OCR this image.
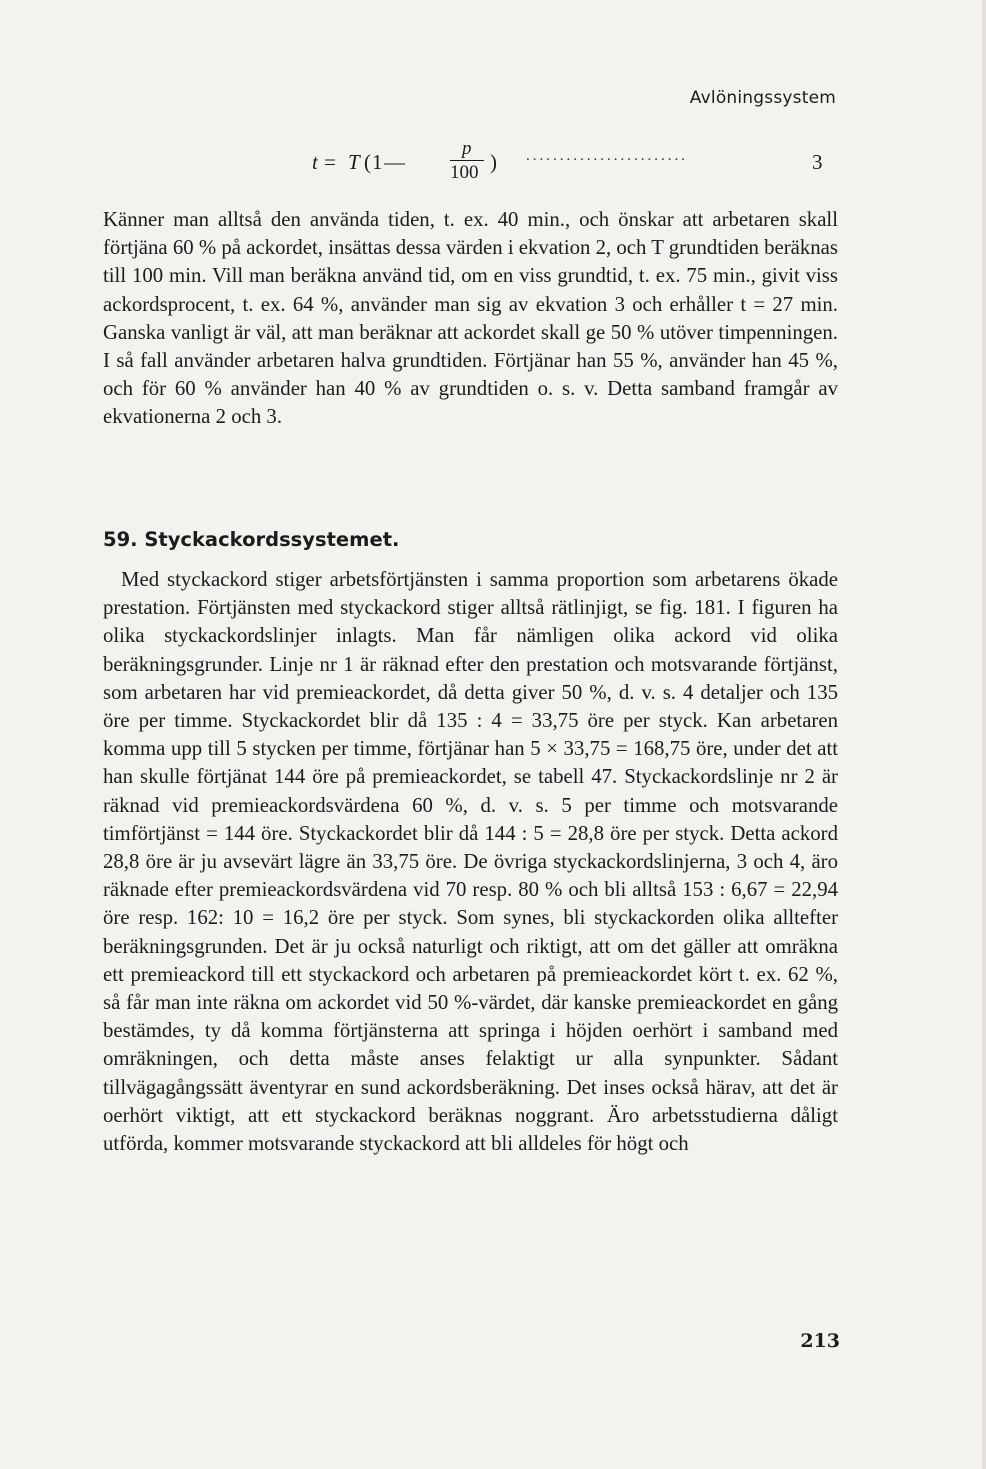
Avlöningssystem
t = T ( 1 —
p
100 ) ........................	3

Känner man alltså den använda tiden, t. ex. 40 min., och önskar att arbetaren skall förtjäna 60 % på ackordet, insättas dessa värden i ekvation 2, och T grundtiden beräknas till 100 min. Vill man beräkna använd tid, om en viss grundtid, t. ex. 75 min., givit viss ackordsprocent, t. ex. 64 %, använder man sig av ekvation 3 och erhåller t = 27 min. Ganska vanligt är väl, att man beräknar att ackordet skall ge 50 % utöver timpenningen. I så fall använder arbetaren halva grundtiden. Förtjänar han 55 %, använder han 45 %, och för 60 % använder han 40 % av grundtiden o. s. v. Detta samband framgår av ekvationerna 2 och 3.

59. Styckackordssystemet.

Med styckackord stiger arbetsförtjänsten i samma proportion som arbetarens ökade prestation. Förtjänsten med styckackord stiger alltså rätlinjigt, se fig. 181. I figuren ha olika styckackordslinjer inlagts. Man får nämligen olika ackord vid olika beräkningsgrunder. Linje nr 1 är räknad efter den prestation och motsvarande förtjänst, som arbetaren har vid premieackordet, då detta giver 50 %, d. v. s. 4 detaljer och 135 öre per timme. Styckackordet blir då 135 : 4 = 33,75 öre per styck. Kan arbetaren komma upp till 5 stycken per timme, förtjänar han 5 × 33,75 = 168,75 öre, under det att han skulle förtjänat 144 öre på premieackordet, se tabell 47. Styckackordslinje nr 2 är räknad vid premieackordsvärdena 60 %, d. v. s. 5 per timme och motsvarande timförtjänst = 144 öre. Styckackordet blir då 144 : 5 = 28,8 öre per styck. Detta ackord 28,8 öre är ju avsevärt lägre än 33,75 öre. De övriga styckackordslinjerna, 3 och 4, äro räknade efter premieackordsvärdena vid 70 resp. 80 % och bli alltså 153 : 6,67 = 22,94 öre resp. 162: 10 = 16,2 öre per styck. Som synes, bli styckackorden olika alltefter beräkningsgrunden. Det är ju också naturligt och riktigt, att om det gäller att omräkna ett premieackord till ett styckackord och arbetaren på premieackordet kört t. ex. 62 %, så får man inte räkna om ackordet vid 50 %-värdet, där kanske premieackordet en gång bestämdes, ty då komma förtjänsterna att springa i höjden oerhört i samband med omräkningen, och detta måste anses felaktigt ur alla synpunkter. Sådant tillvägagångssätt äventyrar en sund ackordsberäkning. Det inses också härav, att det är oerhört viktigt, att ett styckackord beräknas noggrant. Äro arbetsstudierna dåligt utförda, kommer motsvarande styckackord att bli alldeles för högt och

213
